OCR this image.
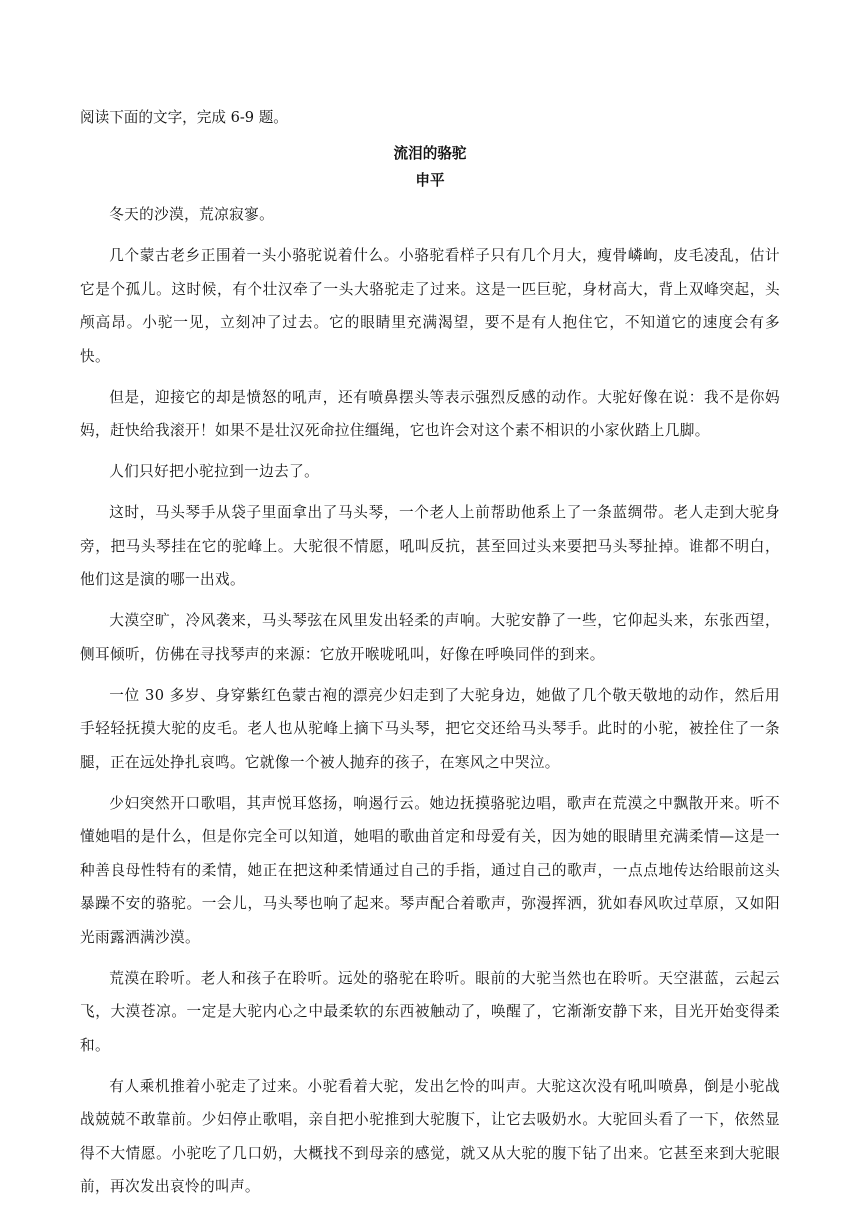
阅读下面的文字，完成 6-9 题。

流泪的骆驼
申平

冬天的沙漠，荒凉寂寥。

几个蒙古老乡正围着一头小骆驼说着什么。小骆驼看样子只有几个月大，瘦骨嶙峋，皮毛凌乱，估计它是个孤儿。这时候，有个壮汉牵了一头大骆驼走了过来。这是一匹巨驼，身材高大，背上双峰突起，头颅高昂。小驼一见，立刻冲了过去。它的眼睛里充满渴望，要不是有人抱住它，不知道它的速度会有多快。

但是，迎接它的却是愤怒的吼声，还有喷鼻摆头等表示强烈反感的动作。大驼好像在说：我不是你妈妈，赶快给我滚开！如果不是壮汉死命拉住缰绳，它也许会对这个素不相识的小家伙踏上几脚。

人们只好把小驼拉到一边去了。

这时，马头琴手从袋子里面拿出了马头琴，一个老人上前帮助他系上了一条蓝绸带。老人走到大驼身旁，把马头琴挂在它的驼峰上。大驼很不情愿，吼叫反抗，甚至回过头来要把马头琴扯掉。谁都不明白，他们这是演的哪一出戏。

大漠空旷，冷风袭来，马头琴弦在风里发出轻柔的声响。大驼安静了一些，它仰起头来，东张西望，侧耳倾听，仿佛在寻找琴声的来源：它放开喉咙吼叫，好像在呼唤同伴的到来。

一位 30 多岁、身穿紫红色蒙古袍的漂亮少妇走到了大驼身边，她做了几个敬天敬地的动作，然后用手轻轻抚摸大驼的皮毛。老人也从驼峰上摘下马头琴，把它交还给马头琴手。此时的小驼，被拴住了一条腿，正在远处挣扎哀鸣。它就像一个被人抛弃的孩子，在寒风之中哭泣。

少妇突然开口歌唱，其声悦耳悠扬，响遏行云。她边抚摸骆驼边唱，歌声在荒漠之中飘散开来。听不懂她唱的是什么，但是你完全可以知道，她唱的歌曲首定和母爱有关，因为她的眼睛里充满柔情—这是一种善良母性特有的柔情，她正在把这种柔情通过自己的手指，通过自己的歌声，一点点地传达给眼前这头暴躁不安的骆驼。一会儿，马头琴也响了起来。琴声配合着歌声，弥漫挥洒，犹如春风吹过草原，又如阳光雨露洒满沙漠。

荒漠在聆听。老人和孩子在聆听。远处的骆驼在聆听。眼前的大驼当然也在聆听。天空湛蓝，云起云飞，大漠苍凉。一定是大驼内心之中最柔软的东西被触动了，唤醒了，它渐渐安静下来，目光开始变得柔和。

有人乘机推着小驼走了过来。小驼看着大驼，发出乞怜的叫声。大驼这次没有吼叫喷鼻，倒是小驼战战兢兢不敢靠前。少妇停止歌唱，亲自把小驼推到大驼腹下，让它去吸奶水。大驼回头看了一下，依然显得不大情愿。小驼吃了几口奶，大概找不到母亲的感觉，就又从大驼的腹下钻了出来。它甚至来到大驼眼前，再次发出哀怜的叫声。
